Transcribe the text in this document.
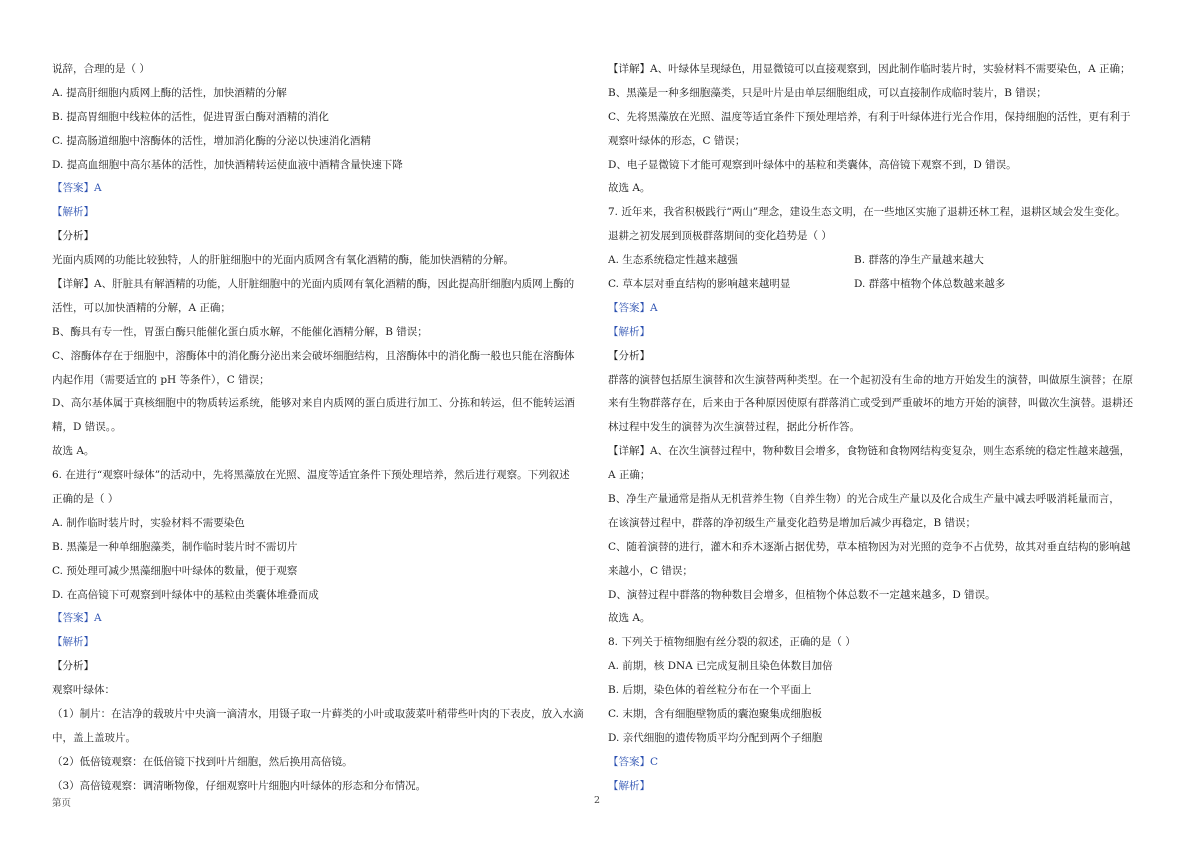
说辞，合理的是（ ）
A. 提高肝细胞内质网上酶的活性，加快酒精的分解
B. 提高胃细胞中线粒体的活性，促进胃蛋白酶对酒精的消化
C. 提高肠道细胞中溶酶体的活性，增加消化酶的分泌以快速消化酒精
D. 提高血细胞中高尔基体的活性，加快酒精转运使血液中酒精含量快速下降
【答案】A
【解析】
【分析】
光面内质网的功能比较独特，人的肝脏细胞中的光面内质网含有氧化酒精的酶，能加快酒精的分解。
【详解】A、肝脏具有解酒精的功能，人肝脏细胞中的光面内质网有氧化酒精的酶，因此提高肝细胞内质网上酶的
活性，可以加快酒精的分解，A 正确；
B、酶具有专一性，胃蛋白酶只能催化蛋白质水解，不能催化酒精分解，B 错误；
C、溶酶体存在于细胞中，溶酶体中的消化酶分泌出来会破坏细胞结构，且溶酶体中的消化酶一般也只能在溶酶体
内起作用（需要适宜的 pH 等条件），C 错误；
D、高尔基体属于真核细胞中的物质转运系统，能够对来自内质网的蛋白质进行加工、分拣和转运，但不能转运酒
精，D 错误。。
故选 A。
6. 在进行“观察叶绿体”的活动中，先将黑藻放在光照、温度等适宜条件下预处理培养，然后进行观察。下列叙述
正确的是（ ）
A. 制作临时装片时，实验材料不需要染色
B. 黑藻是一种单细胞藻类，制作临时装片时不需切片
C. 预处理可减少黑藻细胞中叶绿体的数量，便于观察
D. 在高倍镜下可观察到叶绿体中的基粒由类囊体堆叠而成
【答案】A
【解析】
【分析】
观察叶绿体：
（1）制片：在洁净的载玻片中央滴一滴清水，用镊子取一片藓类的小叶或取菠菜叶稍带些叶肉的下表皮，放入水滴
中，盖上盖玻片。
（2）低倍镜观察：在低倍镜下找到叶片细胞，然后换用高倍镜。
（3）高倍镜观察：调清晰物像，仔细观察叶片细胞内叶绿体的形态和分布情况。
【详解】A、叶绿体呈现绿色，用显微镜可以直接观察到，因此制作临时装片时，实验材料不需要染色，A 正确；
B、黑藻是一种多细胞藻类，只是叶片是由单层细胞组成，可以直接制作成临时装片，B 错误；
C、先将黑藻放在光照、温度等适宜条件下预处理培养，有利于叶绿体进行光合作用，保持细胞的活性，更有利于
观察叶绿体的形态，C 错误；
D、电子显微镜下才能可观察到叶绿体中的基粒和类囊体，高倍镜下观察不到，D 错误。
故选 A。
7. 近年来，我省积极践行“两山”理念，建设生态文明，在一些地区实施了退耕还林工程，退耕区域会发生变化。
退耕之初发展到顶极群落期间的变化趋势是（ ）
A. 生态系统稳定性越来越强	B. 群落的净生产量越来越大
C. 草本层对垂直结构的影响越来越明显	D. 群落中植物个体总数越来越多
【答案】A
【解析】
【分析】
群落的演替包括原生演替和次生演替两种类型。在一个起初没有生命的地方开始发生的演替，叫做原生演替；在原
来有生物群落存在，后来由于各种原因使原有群落消亡或受到严重破坏的地方开始的演替，叫做次生演替。退耕还
林过程中发生的演替为次生演替过程，据此分析作答。
【详解】A、在次生演替过程中，物种数目会增多，食物链和食物网结构变复杂，则生态系统的稳定性越来越强，
A 正确；
B、净生产量通常是指从无机营养生物（自养生物）的光合成生产量以及化合成生产量中减去呼吸消耗量而言，
在该演替过程中，群落的净初级生产量变化趋势是增加后减少再稳定，B 错误；
C、随着演替的进行，灌木和乔木逐渐占据优势，草本植物因为对光照的竞争不占优势，故其对垂直结构的影响越
来越小，C 错误；
D、演替过程中群落的物种数目会增多，但植物个体总数不一定越来越多，D 错误。
故选 A。
8. 下列关于植物细胞有丝分裂的叙述，正确的是（ ）
A. 前期，核 DNA 已完成复制且染色体数目加倍
B. 后期，染色体的着丝粒分布在一个平面上
C. 末期，含有细胞壁物质的囊泡聚集成细胞板
D. 亲代细胞的遗传物质平均分配到两个子细胞
【答案】C
【解析】
第页	2
